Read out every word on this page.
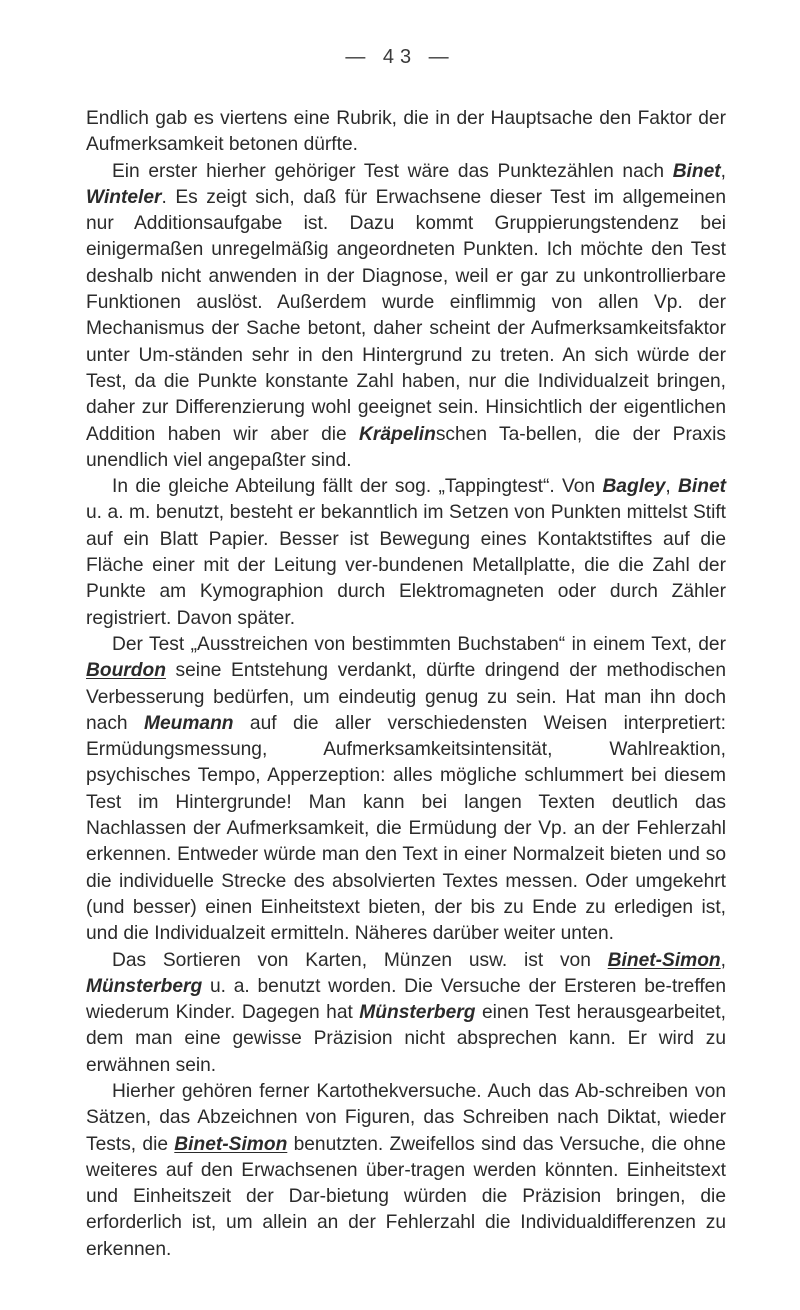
— 43 —

Endlich gab es viertens eine Rubrik, die in der Hauptsache den Faktor der Aufmerksamkeit betonen dürfte.

Ein erster hierher gehöriger Test wäre das Punktezählen nach Binet, Winteler. Es zeigt sich, daß für Erwachsene dieser Test im allgemeinen nur Additionsaufgabe ist. Dazu kommt Gruppierungstendenz bei einigermaßen unregelmäßig angeordneten Punkten. Ich möchte den Test deshalb nicht anwenden in der Diagnose, weil er gar zu unkontrollierbare Funktionen auslöst. Außerdem wurde einflimmig von allen Vp. der Mechanismus der Sache betont, daher scheint der Aufmerksamkeitsfaktor unter Um-ständen sehr in den Hintergrund zu treten. An sich würde der Test, da die Punkte konstante Zahl haben, nur die Individualzeit bringen, daher zur Differenzierung wohl geeignet sein. Hinsichtlich der eigentlichen Addition haben wir aber die Kräpelinschen Ta-bellen, die der Praxis unendlich viel angepaßter sind.

In die gleiche Abteilung fällt der sog. „Tappingtest“. Von Bagley, Binet u. a. m. benutzt, besteht er bekanntlich im Setzen von Punkten mittelst Stift auf ein Blatt Papier. Besser ist Bewegung eines Kontaktstiftes auf die Fläche einer mit der Leitung ver-bundenen Metallplatte, die die Zahl der Punkte am Kymographion durch Elektromagneten oder durch Zähler registriert. Davon später.

Der Test „Ausstreichen von bestimmten Buchstaben“ in einem Text, der Bourdon seine Entstehung verdankt, dürfte dringend der methodischen Verbesserung bedürfen, um eindeutig genug zu sein. Hat man ihn doch nach Meumann auf die aller verschiedensten Weisen interpretiert: Ermüdungsmessung, Aufmerksamkeitsintensität, Wahlreaktion, psychisches Tempo, Apperzeption: alles mögliche schlummert bei diesem Test im Hintergrunde! Man kann bei langen Texten deutlich das Nachlassen der Aufmerksamkeit, die Ermüdung der Vp. an der Fehlerzahl erkennen. Entweder würde man den Text in einer Normalzeit bieten und so die individuelle Strecke des absolvierten Textes messen. Oder umgekehrt (und besser) einen Einheitstext bieten, der bis zu Ende zu erledigen ist, und die Individualzeit ermitteln. Näheres darüber weiter unten.

Das Sortieren von Karten, Münzen usw. ist von Binet-Simon, Münsterberg u. a. benutzt worden. Die Versuche der Ersteren be-treffen wiederum Kinder. Dagegen hat Münsterberg einen Test herausgearbeitet, dem man eine gewisse Präzision nicht absprechen kann. Er wird zu erwähnen sein.

Hierher gehören ferner Kartothekversuche. Auch das Ab-schreiben von Sätzen, das Abzeichnen von Figuren, das Schreiben nach Diktat, wieder Tests, die Binet-Simon benutzten. Zweifellos sind das Versuche, die ohne weiteres auf den Erwachsenen über-tragen werden könnten. Einheitstext und Einheitszeit der Dar-bietung würden die Präzision bringen, die erforderlich ist, um allein an der Fehlerzahl die Individualdifferenzen zu erkennen.
